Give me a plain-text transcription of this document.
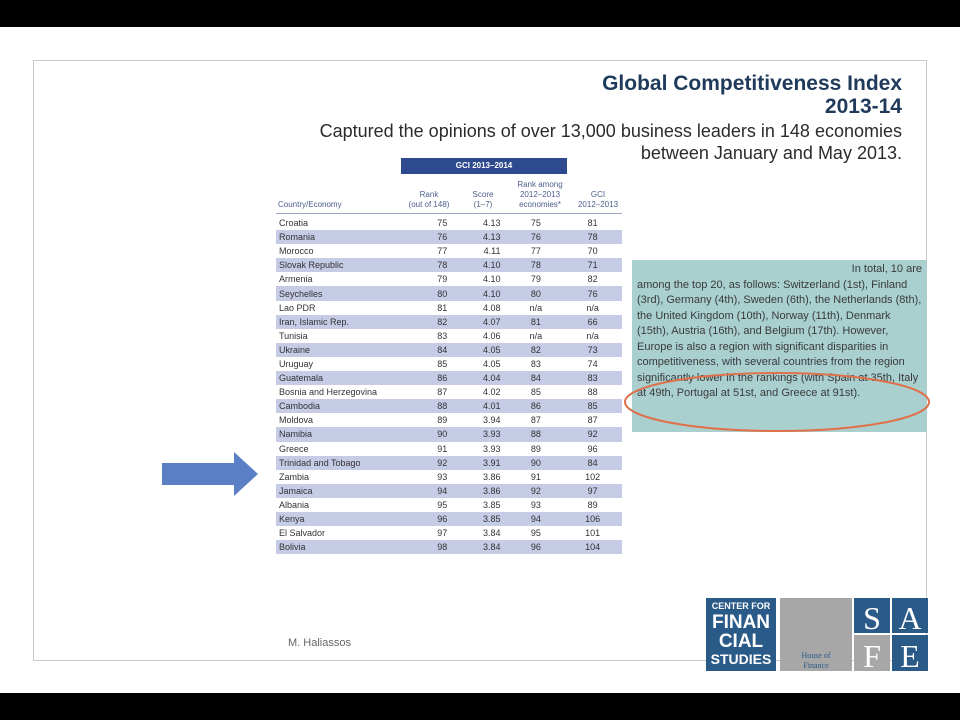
Global Competitiveness Index
2013-14
Captured the opinions of over 13,000 business leaders in 148 economies
between January and May 2013.
GCI 2013–2014
Country/Economy
Rank
(out of 148)
Score
(1–7)
Rank among
2012–2013
economies*
GCI
2012–2013
Croatia	75	4.13	75	81
Romania	76	4.13	76	78
Morocco	77	4.11	77	70
Slovak Republic	78	4.10	78	71
Armenia	79	4.10	79	82
Seychelles	80	4.10	80	76
Lao PDR	81	4.08	n/a	n/a
Iran, Islamic Rep.	82	4.07	81	66
Tunisia	83	4.06	n/a	n/a
Ukraine	84	4.05	82	73
Uruguay	85	4.05	83	74
Guatemala	86	4.04	84	83
Bosnia and Herzegovina	87	4.02	85	88
Cambodia	88	4.01	86	85
Moldova	89	3.94	87	87
Namibia	90	3.93	88	92
Greece	91	3.93	89	96
Trinidad and Tobago	92	3.91	90	84
Zambia	93	3.86	91	102
Jamaica	94	3.86	92	97
Albania	95	3.85	93	89
Kenya	96	3.85	94	106
El Salvador	97	3.84	95	101
Bolivia	98	3.84	96	104
In total, 10 are
among the top 20, as follows: Switzerland (1st), Finland (3rd), Germany (4th), Sweden (6th), the Netherlands (8th), the United Kingdom (10th), Norway (11th), Denmark (15th), Austria (16th), and Belgium (17th). However, Europe is also a region with significant disparities in competitiveness, with several countries from the region significantly lower in the rankings (with Spain at 35th, Italy at 49th, Portugal at 51st, and Greece at 91st).
M. Haliassos
CENTER FOR
FINAN
CIAL
STUDIES	House of
Finance
S A
F E
